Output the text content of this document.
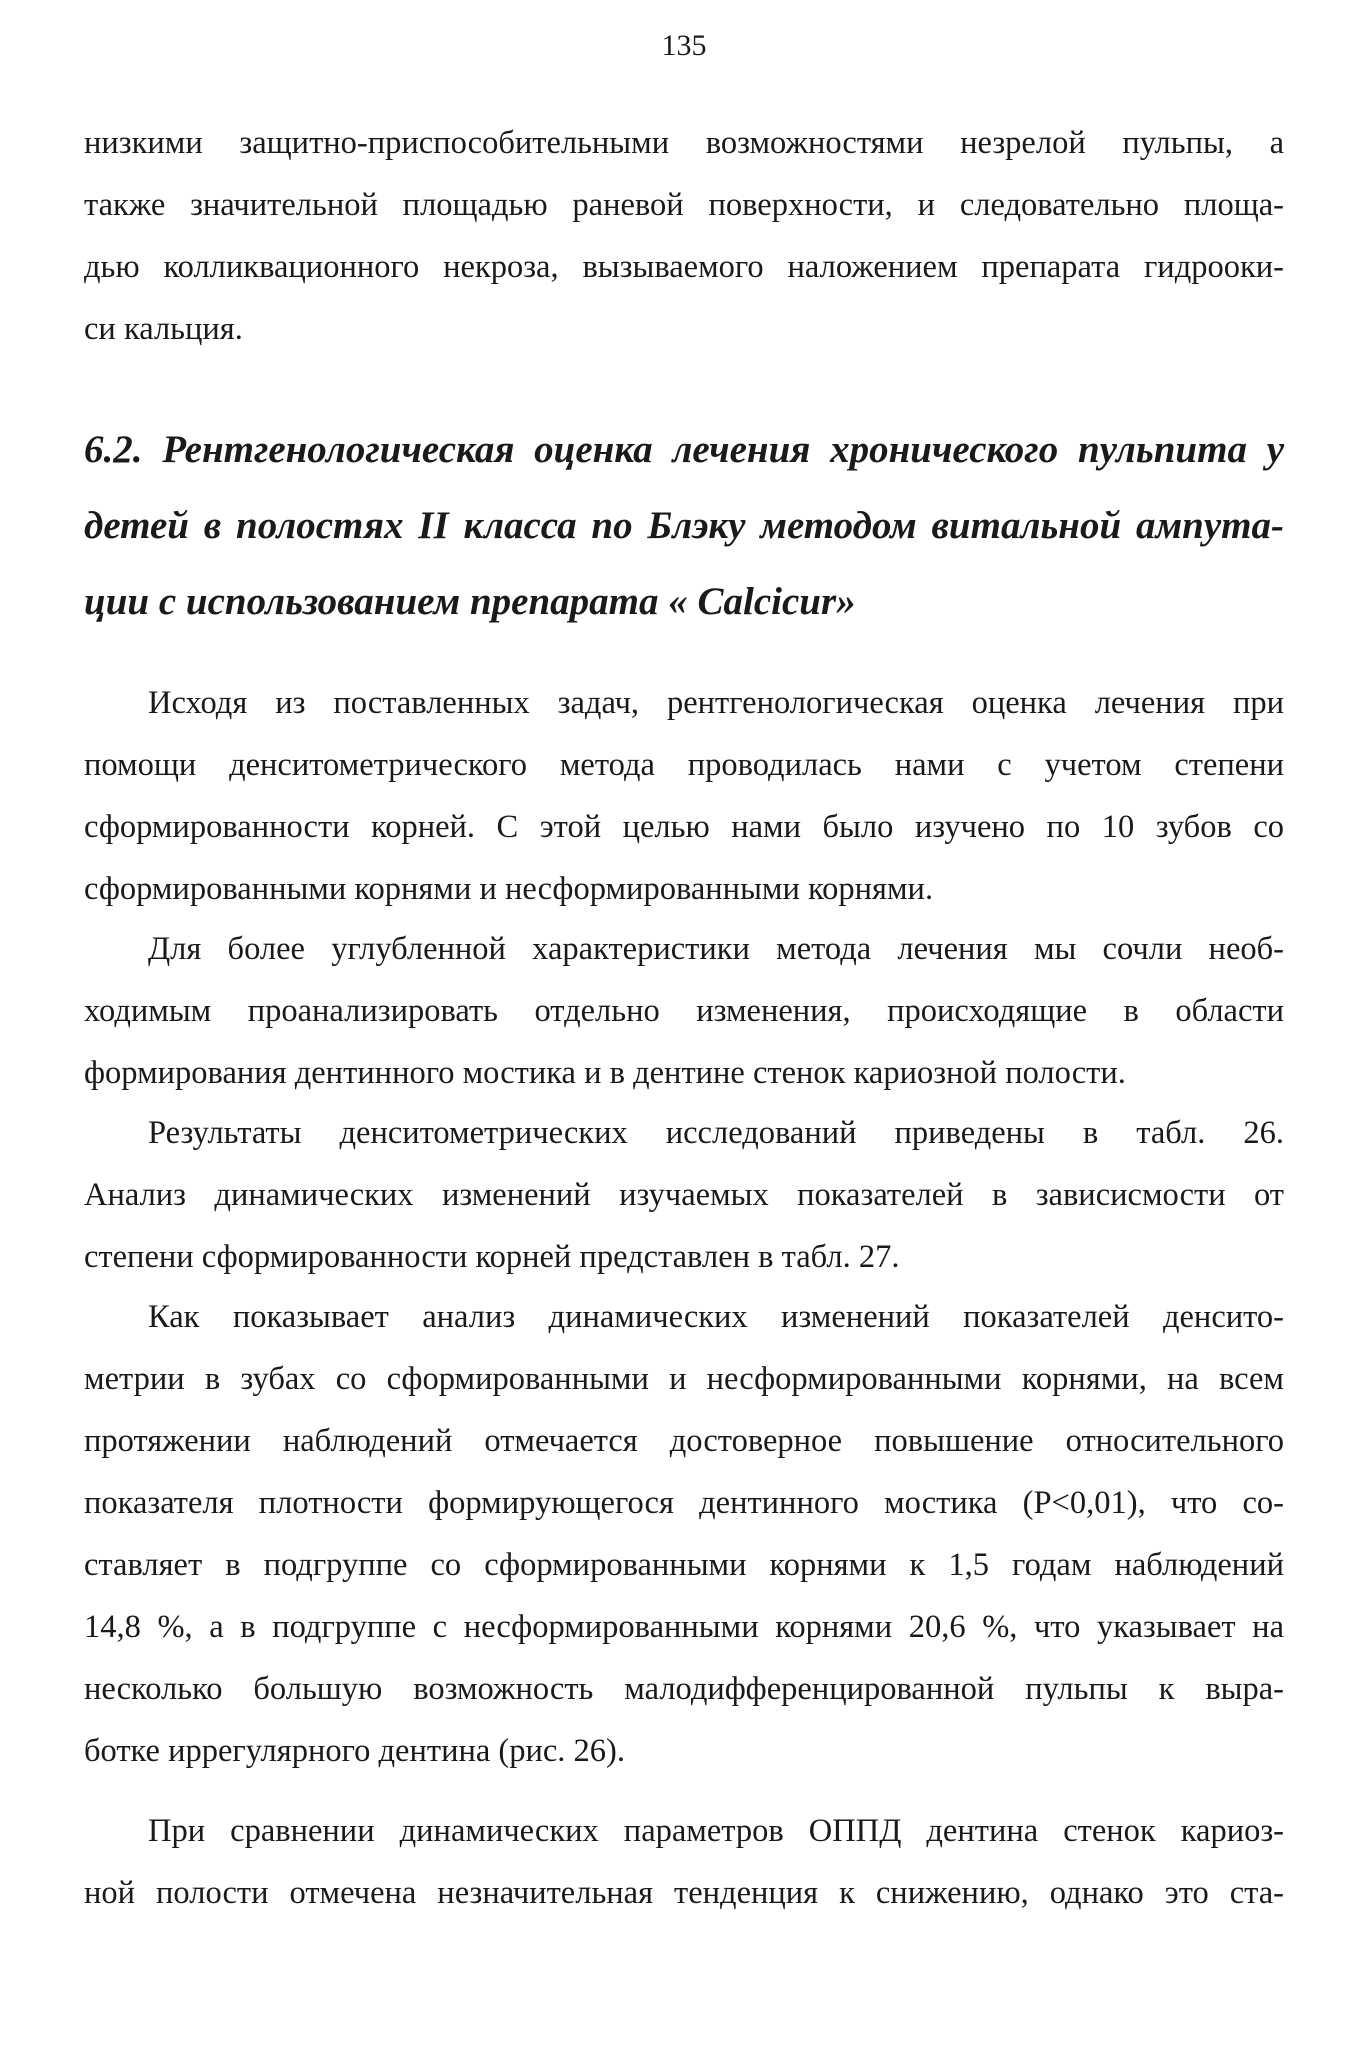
135
низкими защитно-приспособительными возможностями незрелой пульпы, а
также значительной площадью раневой поверхности, и следовательно площа-
дью колликвационного некроза, вызываемого наложением препарата гидрооки-
си кальция.
6.2. Рентгенологическая оценка лечения хронического пульпита у
детей в полостях II класса по Блэку методом витальной ампута-
ции с использованием препарата « Calcicur»
Исходя из поставленных задач, рентгенологическая оценка лечения при
помощи денситометрического метода проводилась нами с учетом степени
сформированности корней. С этой целью нами было изучено по 10 зубов со
сформированными корнями и несформированными корнями.
Для более углубленной характеристики метода лечения мы сочли необ-
ходимым проанализировать отдельно изменения, происходящие в области
формирования дентинного мостика и в дентине стенок кариозной полости.
Результаты денситометрических исследований приведены в табл. 26.
Анализ динамических изменений изучаемых показателей в зависисмости от
степени сформированности корней представлен в табл. 27.
Как показывает анализ динамических изменений показателей денсито-
метрии в зубах со сформированными и несформированными корнями, на всем
протяжении наблюдений отмечается достоверное повышение относительного
показателя плотности формирующегося дентинного мостика (P<0,01), что со-
ставляет в подгруппе со сформированными корнями к 1,5 годам наблюдений
14,8 %, а в подгруппе с несформированными корнями 20,6 %, что указывает на
несколько большую возможность малодифференцированной пульпы к выра-
ботке иррегулярного дентина (рис. 26).
При сравнении динамических параметров ОППД дентина стенок кариоз-
ной полости отмечена незначительная тенденция к снижению, однако это ста-
